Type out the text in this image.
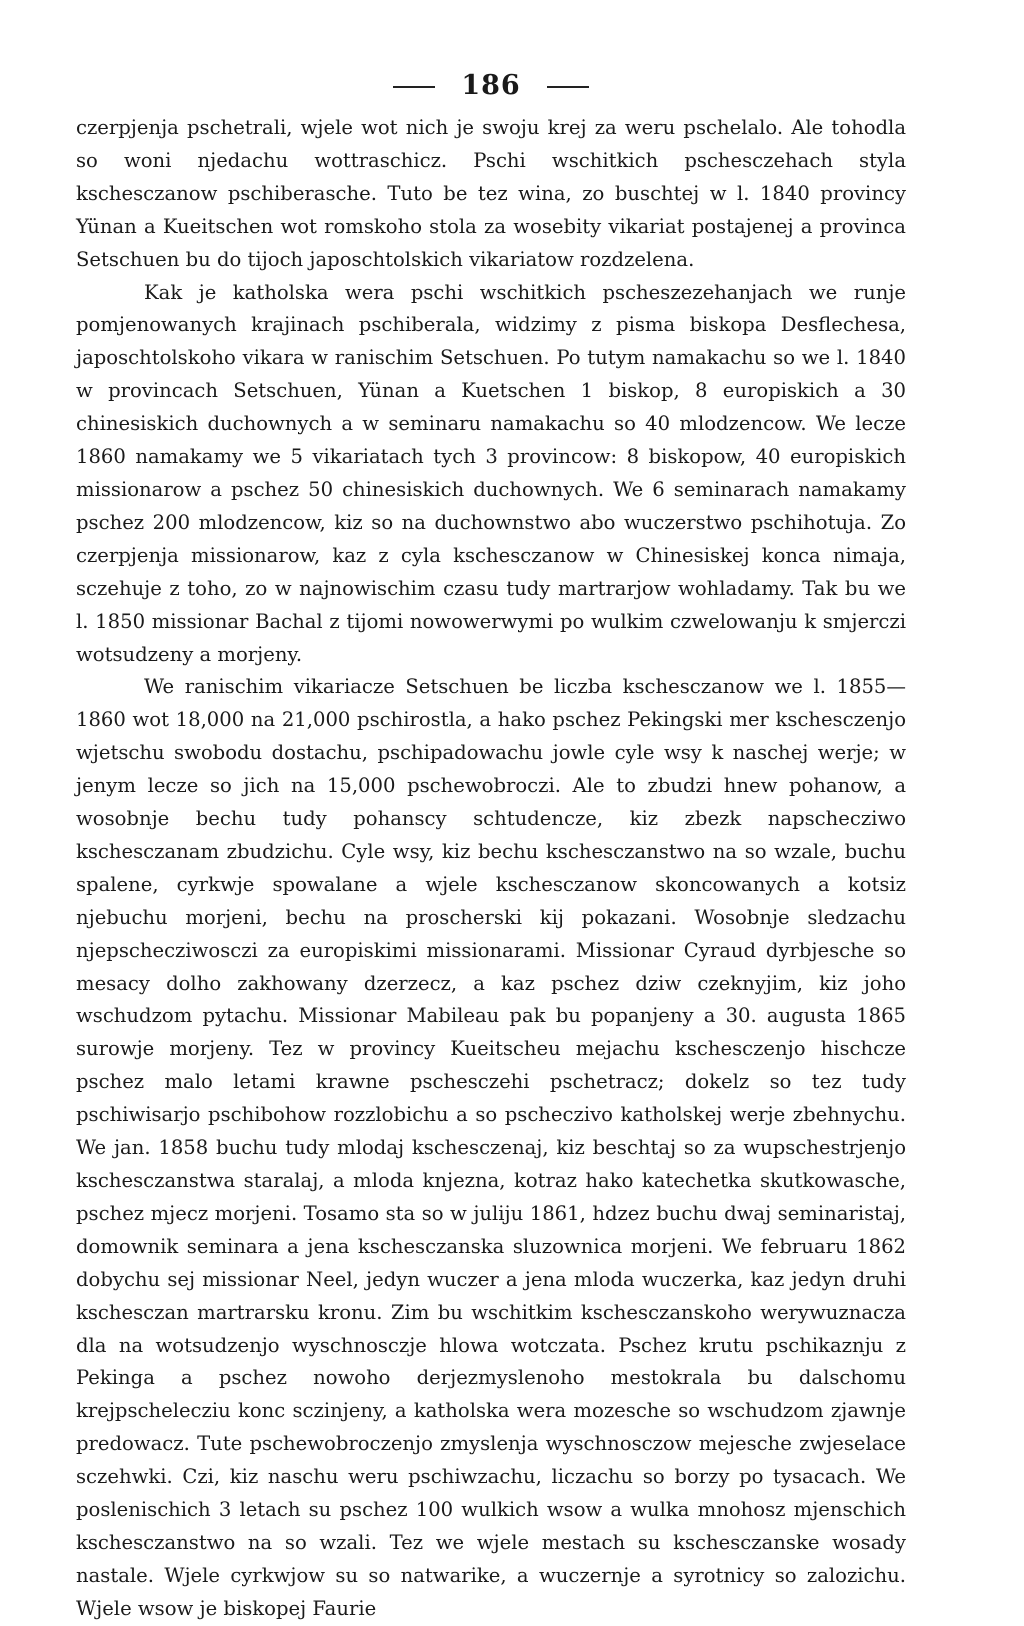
186

czerpjenja pschetrali, wjele wot nich je swoju krej za weru pschelalo. Ale tohodla so woni njedachu wottraschicz. Pschi wschitkich pschesczehach styla kschesczanow pschiberasche. Tuto be tez wina, zo buschtej w l. 1840 provincy Yünan a Kueitschen wot romskoho stola za wosebity vikariat postajenej a provinca Setschuen bu do tijoch japoschtolskich vikariatow rozdzelena.

Kak je katholska wera pschi wschitkich pscheszezehanjach we runje pomjenowanych krajinach pschiberala, widzimy z pisma biskopa Desflechesa, japoschtolskoho vikara w ranischim Setschuen. Po tutym namakachu so we l. 1840 w provincach Setschuen, Yünan a Kuetschen 1 biskop, 8 europiskich a 30 chinesiskich duchownych a w seminaru namakachu so 40 mlodzencow. We lecze 1860 namakamy we 5 vikariatach tych 3 provincow: 8 biskopow, 40 europiskich missionarow a pschez 50 chinesiskich duchownych. We 6 seminarach namakamy pschez 200 mlodzencow, kiz so na duchownstwo abo wuczerstwo pschihotuja. Zo czerpjenja missionarow, kaz z cyla kschesczanow w Chinesiskej konca nimaja, sczehuje z toho, zo w najnowischim czasu tudy martrarjow wohladamy. Tak bu we l. 1850 missionar Bachal z tijomi nowowerwymi po wulkim czwelowanju k smjerczi wotsudzeny a morjeny.

We ranischim vikariacze Setschuen be liczba kschesczanow we l. 1855—1860 wot 18,000 na 21,000 pschirostla, a hako pschez Pekingski mer kschesczenjo wjetschu swobodu dostachu, pschipadowachu jowle cyle wsy k naschej werje; w jenym lecze so jich na 15,000 pschewobroczi. Ale to zbudzi hnew pohanow, a wosobnje bechu tudy pohanscy schtudencze, kiz zbezk napschecziwo kschesczanam zbudzichu. Cyle wsy, kiz bechu kschesczanstwo na so wzale, buchu spalene, cyrkwje spowalane a wjele kschesczanow skoncowanych a kotsiz njebuchu morjeni, bechu na proscherski kij pokazani. Wosobnje sledzachu njepschecziwosczi za europiskimi missionarami. Missionar Cyraud dyrbjesche so mesacy dolho zakhowany dzerzecz, a kaz pschez dziw czeknyjim, kiz joho wschudzom pytachu. Missionar Mabileau pak bu popanjeny a 30. augusta 1865 surowje morjeny. Tez w provincy Kueitscheu mejachu kschesczenjo hischcze pschez malo letami krawne pschesczehi pschetracz; dokelz so tez tudy pschiwisarjo pschibohow rozzlobichu a so pscheczivo katholskej werje zbehnychu. We jan. 1858 buchu tudy mlodaj kschesczenaj, kiz beschtaj so za wupschestrjenjo kschesczanstwa staralaj, a mloda knjezna, kotraz hako katechetka skutkowasche, pschez mjecz morjeni. Tosamo sta so w juliju 1861, hdzez buchu dwaj seminaristaj, domownik seminara a jena kschesczanska sluzownica morjeni. We februaru 1862 dobychu sej missionar Neel, jedyn wuczer a jena mloda wuczerka, kaz jedyn druhi kschesczan martrarsku kronu. Zim bu wschitkim kschesczanskoho werywuznacza dla na wotsudzenjo wyschnosczje hlowa wotczata. Pschez krutu pschikaznju z Pekinga a pschez nowoho derjezmyslenoho mestokrala bu dalschomu krejpschelecziu konc sczinjeny, a katholska wera mozesche so wschudzom zjawnje predowacz. Tute pschewobroczenjo zmyslenja wyschnosczow mejesche zwjeselace sczehwki. Czi, kiz naschu weru pschiwzachu, liczachu so borzy po tysacach. We poslenischich 3 letach su pschez 100 wulkich wsow a wulka mnohosz mjenschich kschesczanstwo na so wzali. Tez we wjele mestach su kschesczanske wosady nastale. Wjele cyrkwjow su so natwarike, a wuczernje a syrotnicy so zalozichu. Wjele wsow je biskopej Faurie
